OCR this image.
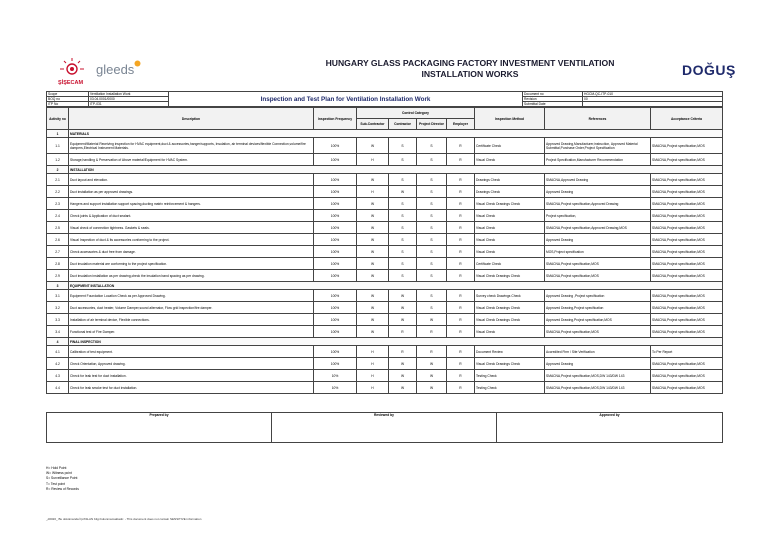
ŞİŞECAM
gleeds	HUNGARY GLASS PACKAGING FACTORY INVESTMENT VENTILATION INSTALLATION WORKS	DOĞUŞ
Scope	Ventilation Installation Work	Inspection and Test Plan for Ventilation Installation Work	Document no	HGCM-QC-ITP-010
BOQ no	03.04.0001/0000		Revision	00
ITP No	ITP-031		Submittal Date	
Activity no	Description	Inspection Frequency	Control Category				Inspection Method	References	Acceptance Criteria
			Sub-Contractor	Contractor	Project Director	Employer			
1	MATERIALS								
1.1	Equipment/Material Receiving inspection for HVAC equipment,duct & accessories,hanger/supports, Insulation, air terminal devices/flexible Connection,volume/fire dampers,Electrical Instrument Materials.	100%	W	S	S	R	Certificate Check	Approved Drawing,Manufacturer,instruction, Approved Material Submittal,Purchase Order,Project Specification	SMACNA,Project specification,MOS
1.2	Storage,handling & Preservation of Above material/Equipment for HVAC System.	100%	H	S	S	R	Visual Check	Project Specification,Manufacturer Recommendation	SMACNA,Project specification,MOS
2	INSTALLATION								
2.1	Duct layout and elevation.	100%	W	S	S	R	Drawings Check	SMACNA,Approved Drawing	SMACNA,Project specification,MOS
2.2	Duct installation as per approved drawings.	100%	H	W	S	R	Drawings Check	Approved Drawing	SMACNA,Project specification,MOS
2.3	Hangers and support installation support spacing,ducting matrix reinforcement & hangers.	100%	W	S	S	R	Visual Check Drawings Check	SMACNA,Project specification,Approved Drawing	SMACNA,Project specification,MOS
2.4	Check joints & Application of duct sealant.	100%	W	S	S	R	Visual Check	Project specification,	SMACNA,Project specification,MOS
2.5	Visual check of connection tightness. Gaskets & seals.	100%	W	S	S	R	Visual Check	SMACNA,Project specification,Approved Drawing,MOS	SMACNA,Project specification,MOS
2.6	Visual Inspection of duct & its accessories conforming to the project.	100%	W	S	S	R	Visual Check	Approved Drawing	SMACNA,Project specification,MOS
2.7	Check accessories & duct free from damage.	100%	W	S	S	R	Visual Check	MOS,Project specification	SMACNA,Project specification,MOS
2.8	Duct insulation material are conforming to the project specification.	100%	W	S	S	R	Certificate Check	SMACNA,Project specification,MOS	SMACNA,Project specification,MOS
2.9	Duct insulation installation as per drawing,check the insulation band spacing as per drawing.	100%	W	S	S	R	Visual Check Drawings Check	SMACNA,Project specification,MOS	SMACNA,Project specification,MOS
3	EQUIPMENT INSTALLATION								
3.1	Equipment Foundation Location Check as per Approved Drawing.	100%	W	W	S	R	Survey check Drawings Check	Approved Drawing ,Project specification	SMACNA,Project specification,MOS
3.2	Duct accessories, duct heater, Volume Damper,sound alternator, Flow grid inspection/fire damper.	100%	W	W	S	R	Visual Check Drawings Check	Approved Drawing,Project specification	SMACNA,Project specification,MOS
3.3	Installation of air terminal device, Flexible connections.	100%	W	W	W	R	Visual Check Drawings Check	Approved Drawing,Project specification,MOS	SMACNA,Project specification,MOS
3.4	Functional test of Fire Damper.	100%	W	R	R	R	Visual Check	SMACNA,Project specification,MOS	SMACNA,Project specification,MOS
4	FINAL INSPECTION								
4.1	Calibration of test equipment.	100%	H	R	R	R	Document Review	Accredited Firm / Site Verification	To Per Report
4.2	Check Orientation, Approved drawing.	100%	H	W	W	R	Visual Check Drawings Check	Approved Drawing	SMACNA,Project specification,MOS
4.3	Check for leak test for duct installation.	10%	H	W	W	R	Testing Check	SMACNA,Project specification,MOS,DW 143/DW 143	SMACNA,Project specification,MOS
4.4	Check for leak smoke test for duct installation.	10%	H	W	W	R	Testing Check	SMACNA,Project specification,MOS,DW 143/DW 143	SMACNA,Project specification,MOS
Prepared by	Reviewed by	Approved by
H= Hold Point
W= Witness point
S= Surveillance Point
T= Test point
R= Review of Records
_d0020_ Bu dokümanda İÇ/ASLAN bilgi bulunmamaktadır. - This document does not contain SENSITIVE information
